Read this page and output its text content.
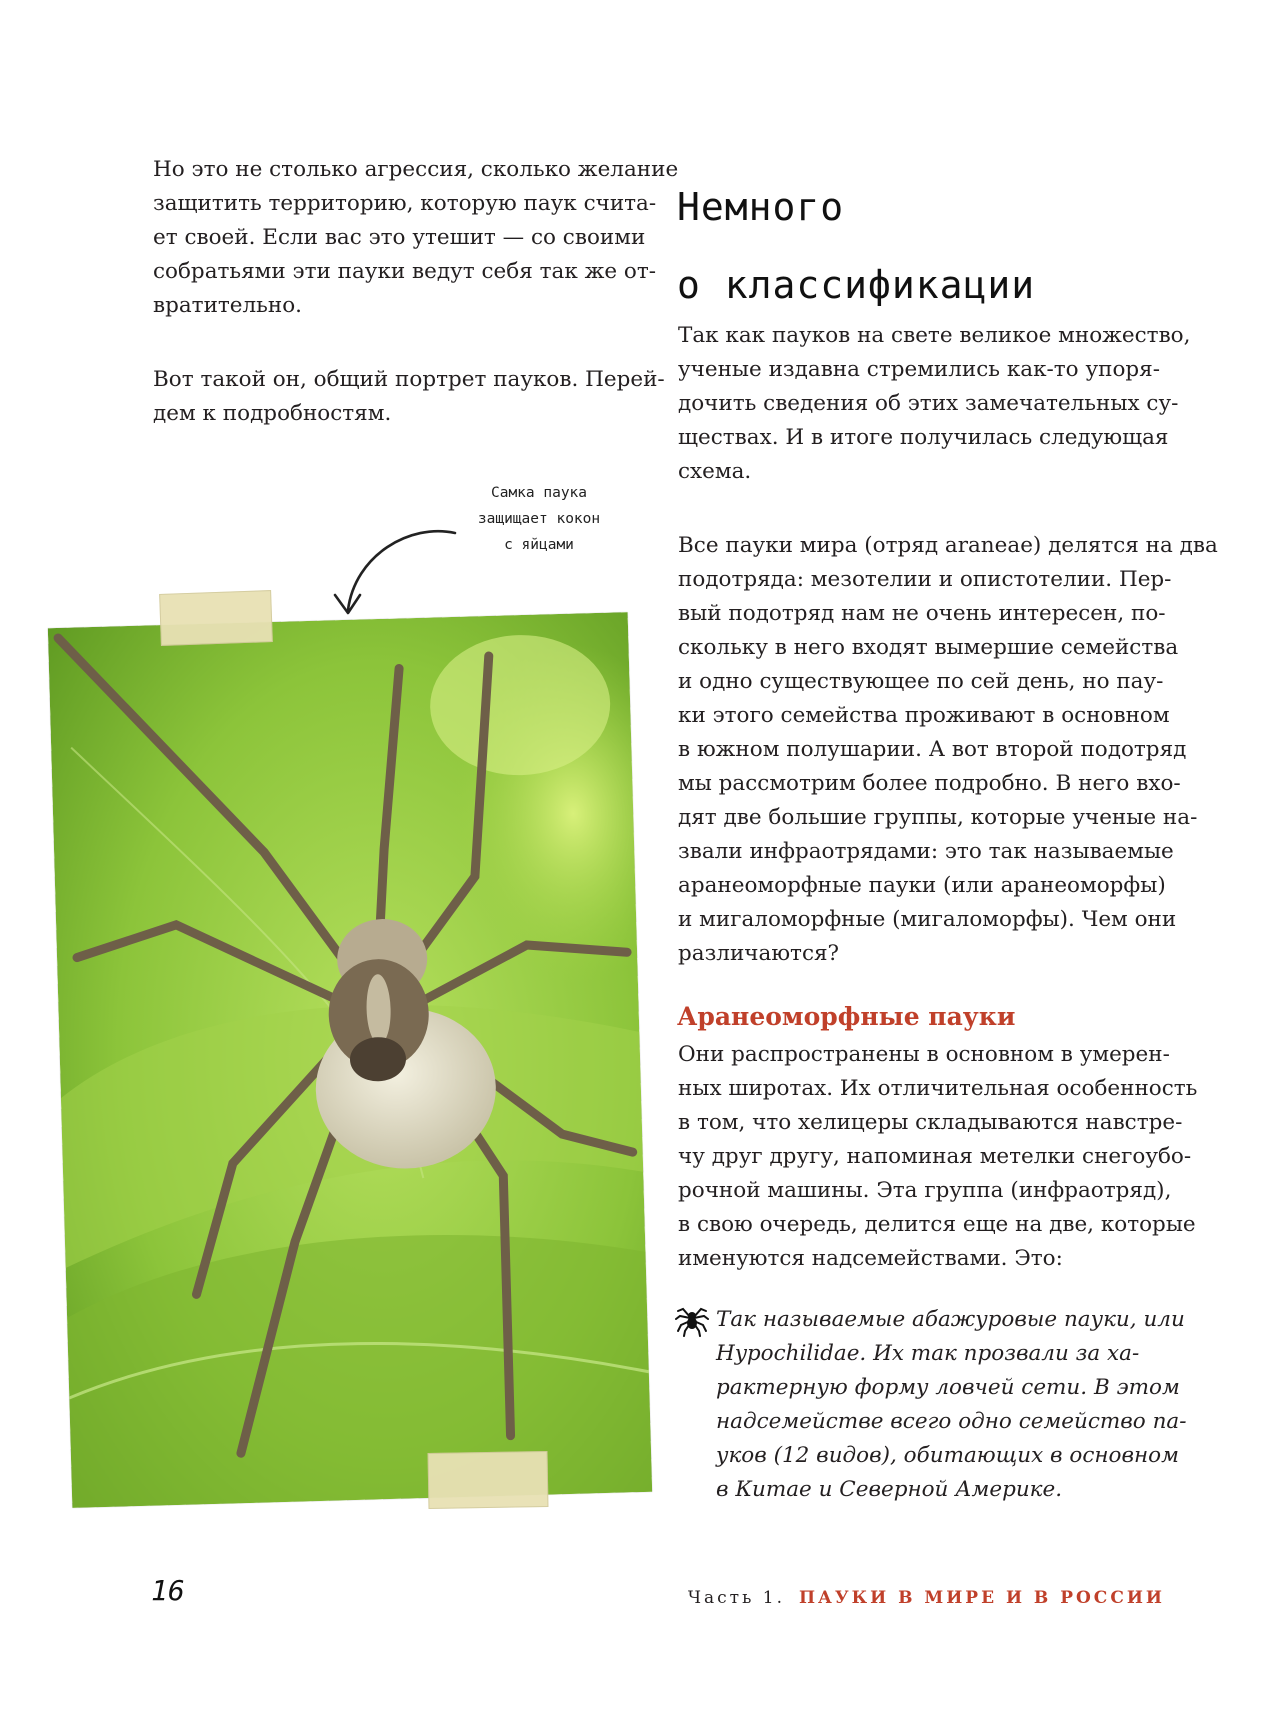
Но это не столько агрессия, сколько желание
защитить территорию, которую паук счита-
ет своей. Если вас это утешит — со своими
собратьями эти пауки ведут себя так же от-
вратительно.
Вот такой он, общий портрет пауков. Перей-
дем к подробностям.
Самка паука
защищает кокон
с яйцами
Немного
о классификации
Так как пауков на свете великое множество,
ученые издавна стремились как-то упоря-
дочить сведения об этих замечательных су-
ществах. И в итоге получилась следующая
схема.
Все пауки мира (отряд araneae) делятся на два
подотряда: мезотелии и опистотелии. Пер-
вый подотряд нам не очень интересен, по-
скольку в него входят вымершие семейства
и одно существующее по сей день, но пау-
ки этого семейства проживают в основном
в южном полушарии. А вот второй подотряд
мы рассмотрим более подробно. В него вхо-
дят две большие группы, которые ученые на-
звали инфраотрядами: это так называемые
аранеоморфные пауки (или аранеоморфы)
и мигаломорфные (мигаломорфы). Чем они
различаются?
Аранеоморфные пауки
Они распространены в основном в умерен-
ных широтах. Их отличительная особенность
в том, что хелицеры складываются навстре-
чу друг другу, напоминая метелки снегоубо-
рочной машины. Эта группа (инфраотряд),
в свою очередь, делится еще на две, которые
именуются надсемействами. Это:
Так называемые абажуровые пауки, или
Hypochilidae. Их так прозвали за ха-
рактерную форму ловчей сети. В этом
надсемействе всего одно семейство па-
уков (12 видов), обитающих в основном
в Китае и Северной Америке.

16	Часть 1. ПАУКИ В МИРЕ И В РОССИИ
